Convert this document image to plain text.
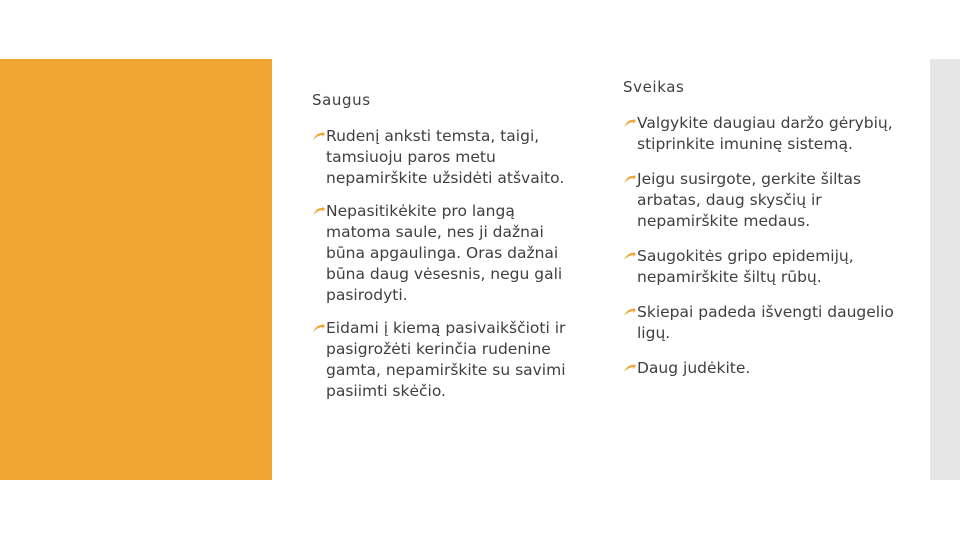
Saugus
Rudenį anksti temsta, taigi, tamsiuoju paros metu nepamirškite užsidėti atšvaito.
Nepasitikėkite pro langą matoma saule, nes ji dažnai būna apgaulinga. Oras dažnai būna daug vėsesnis, negu gali pasirodyti.
Eidami į kiemą pasivaikščioti ir pasigrožėti kerinčia rudenine gamta, nepamirškite su savimi pasiimti skėčio.
Sveikas
Valgykite daugiau daržo gėrybių, stiprinkite imuninę sistemą.
Jeigu susirgote, gerkite šiltas arbatas, daug skysčių ir nepamirškite medaus.
Saugokitės gripo epidemijų, nepamirškite šiltų rūbų.
Skiepai padeda išvengti daugelio ligų.
Daug judėkite.
